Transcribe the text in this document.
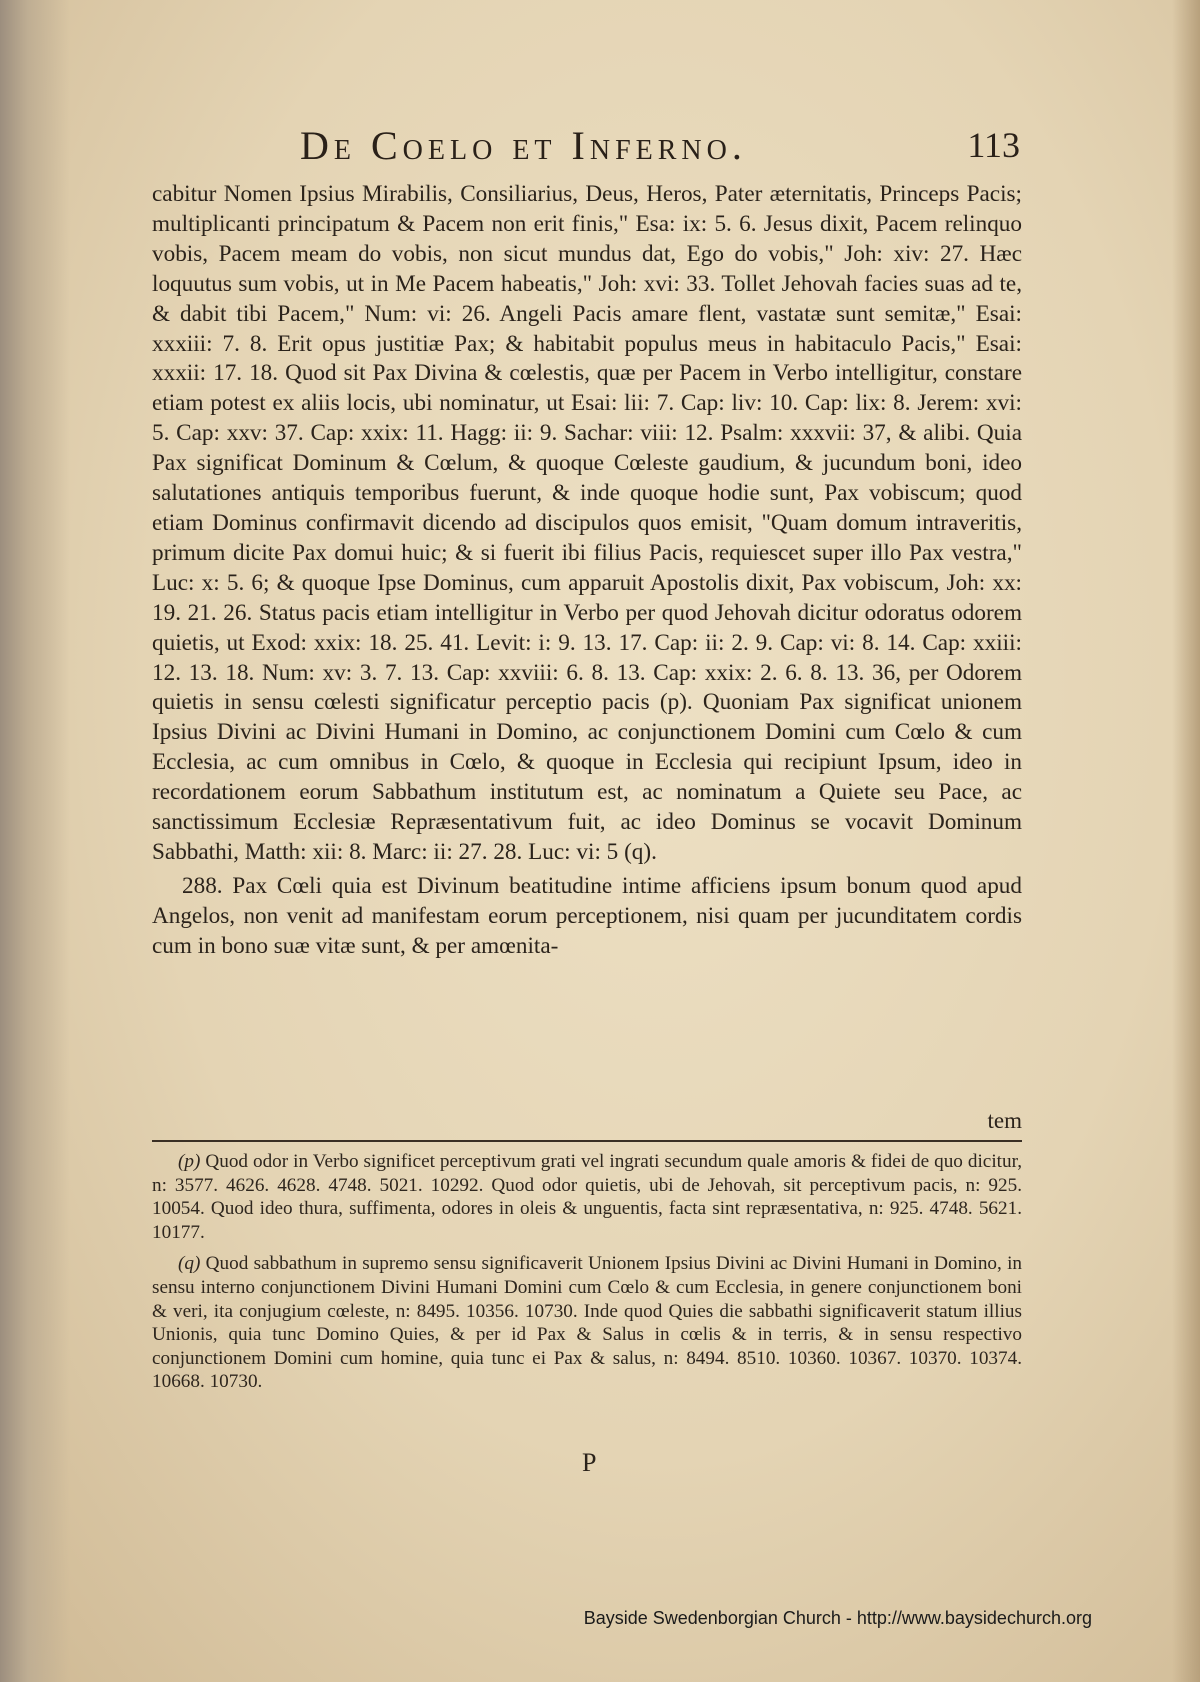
De Coelo et Inferno.	113

cabitur Nomen Ipsius Mirabilis, Consiliarius, Deus, Heros, Pater æternitatis, Princeps Pacis; multiplicanti principatum & Pacem non erit finis," Esa: ix: 5. 6. Jesus dixit, Pacem relinquo vobis, Pacem meam do vobis, non sicut mundus dat, Ego do vobis," Joh: xiv: 27. Hæc loquutus sum vobis, ut in Me Pacem habeatis," Joh: xvi: 33. Tollet Jehovah facies suas ad te, & dabit tibi Pacem," Num: vi: 26. Angeli Pacis amare flent, vastatæ sunt semitæ," Esai: xxxiii: 7. 8. Erit opus justitiæ Pax; & habitabit populus meus in habitaculo Pacis," Esai: xxxii: 17. 18. Quod sit Pax Divina & cœlestis, quæ per Pacem in Verbo intelligitur, constare etiam potest ex aliis locis, ubi nominatur, ut Esai: lii: 7. Cap: liv: 10. Cap: lix: 8. Jerem: xvi: 5. Cap: xxv: 37. Cap: xxix: 11. Hagg: ii: 9. Sachar: viii: 12. Psalm: xxxvii: 37, & alibi. Quia Pax significat Dominum & Cœlum, & quoque Cœleste gaudium, & jucundum boni, ideo salutationes antiquis temporibus fuerunt, & inde quoque hodie sunt, Pax vobiscum; quod etiam Dominus confirmavit dicendo ad discipulos quos emisit, "Quam domum intraveritis, primum dicite Pax domui huic; & si fuerit ibi filius Pacis, requiescet super illo Pax vestra," Luc: x: 5. 6; & quoque Ipse Dominus, cum apparuit Apostolis dixit, Pax vobiscum, Joh: xx: 19. 21. 26. Status pacis etiam intelligitur in Verbo per quod Jehovah dicitur odoratus odorem quietis, ut Exod: xxix: 18. 25. 41. Levit: i: 9. 13. 17. Cap: ii: 2. 9. Cap: vi: 8. 14. Cap: xxiii: 12. 13. 18. Num: xv: 3. 7. 13. Cap: xxviii: 6. 8. 13. Cap: xxix: 2. 6. 8. 13. 36, per Odorem quietis in sensu cœlesti significatur perceptio pacis (p). Quoniam Pax significat unionem Ipsius Divini ac Divini Humani in Domino, ac conjunctionem Domini cum Cœlo & cum Ecclesia, ac cum omnibus in Cœlo, & quoque in Ecclesia qui recipiunt Ipsum, ideo in recordationem eorum Sabbathum institutum est, ac nominatum a Quiete seu Pace, ac sanctissimum Ecclesiæ Repræsentativum fuit, ac ideo Dominus se vocavit Dominum Sabbathi, Matth: xii: 8. Marc: ii: 27. 28. Luc: vi: 5 (q).

288. Pax Cœli quia est Divinum beatitudine intime afficiens ipsum bonum quod apud Angelos, non venit ad manifestam eorum perceptionem, nisi quam per jucunditatem cordis cum in bono suæ vitæ sunt, & per amœnita-

tem

(p) Quod odor in Verbo significet perceptivum grati vel ingrati secundum quale amoris & fidei de quo dicitur, n: 3577. 4626. 4628. 4748. 5021. 10292. Quod odor quietis, ubi de Jehovah, sit perceptivum pacis, n: 925. 10054. Quod ideo thura, suffimenta, odores in oleis & unguentis, facta sint repræsentativa, n: 925. 4748. 5621. 10177.

(q) Quod sabbathum in supremo sensu significaverit Unionem Ipsius Divini ac Divini Humani in Domino, in sensu interno conjunctionem Divini Humani Domini cum Cœlo & cum Ecclesia, in genere conjunctionem boni & veri, ita conjugium cœleste, n: 8495. 10356. 10730. Inde quod Quies die sabbathi significaverit statum illius Unionis, quia tunc Domino Quies, & per id Pax & Salus in cœlis & in terris, & in sensu respectivo conjunctionem Domini cum homine, quia tunc ei Pax & salus, n: 8494. 8510. 10360. 10367. 10370. 10374. 10668. 10730.

P
Bayside Swedenborgian Church - http://www.baysidechurch.org
